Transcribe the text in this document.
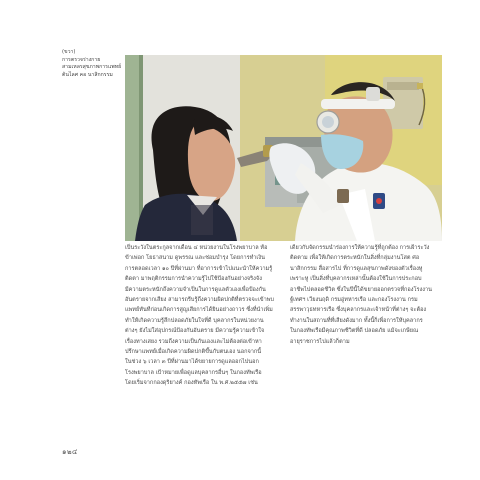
(ขวา)
การตรวจร่างกาย
สามเหลรสุขภาพการแพทย์
ต้นไลศ คอ นาสิกกรรม
เป็นระวังในตระกูลจากเดือน ๔ หน่วยงานในโรงพยาบาล ท้อ
ข้าเพ่อก โยธาสนาม ดูพรรณ และช่อมบำรุง โดยการทำเงิน
การตลอดเวลา ๑๐ ปีที่ผ่านมา ที่อาการเข้าไปแนะนำให้ความรู้
ติดตา มาพฤติกรรมการนำความรู้ไปใช้ป้องกันอย่างจริงจัง
มีความตระหนักถึงความจำเป็นในการดูแลตัวเองเพื่อป้องกัน
อันตรายจากเสียง สามารถรีบรู้ถึงความผิดปกติที่ตรวจจะเข้าพบ
แพทย์ทันทีก่อนเกิดการสูญเสียการได้ยินอย่างถาวร ซึ่งที่นำเพิ่ม
ทำให้เกิดความรู้สึกปลอดภัยในใจที่ดี บุคลากรในหน่วยงาน
ต่างๆ ยังไม่ใส่อุปกรณ์ป้องกันอันตราย มีความรู้ความเข้าใจ
เรื่องทางเสยง รวมถึงความเป็นกันเองและไม่ต้องต่อเข้าหา
ปรึกษาแพทย์เมื่อเกิดความผิดปกติขึ้นกับตนเอง นอกจากนี้
ในช่วง ๖ เวลา ๓ ปีที่ผ่านมาได้ขยายการดูแลออกไปนอก
โรงพยาบาล เป้าหมายเพื่อดูแลบุคลากรอื่นๆ ในกองทัพเรือ
โดยเริ่มจากกองดุริยางค์ กองทัพเรือ ใน พ.ศ.๒๕๕๗ เช่น
เดียวกับจัดกรรมนำร่องการให้ความรู้ที่ถูกต้อง การเฝ้าระวัง
ติดตาม เพื่อให้เกิดการตระหนักในสิ่งที่กลุ่มงานโสต ศอ
นาสิกกรรม สื่อสารไป ที่การดูแลสุขภาพดังของตัวเรื่องหู
เพราะหู เป็นสิ่งที่บุคลากรเหล่านั้นต้องใช้ในการประกอบ
อาชีพไปตลอดชีวิต ซึ่งในปีนี้ได้ขยายออกตรวจที่กองโรงงาน
ฐ์เทศฯ เวียงนฤดิ กรมอู่ทหารเรือ และกองโรงงาน กรม
สรรพาวุธทหารเรือ ซึ่งบุคลากรและเจ้าหน้าที่ต่างๆ จะต้อง
ทำงานในสถานที่ที่เสียงดังมาก ทั้งนี้ก็เพื่อการให้บุคลากร
ในกองทัพเรือมีคุณภาพชีวิตที่ดี ปลอดภัย แม้จะเกษียณ
อายุราชการไปแล้วก็ตาม
๑๒๔
